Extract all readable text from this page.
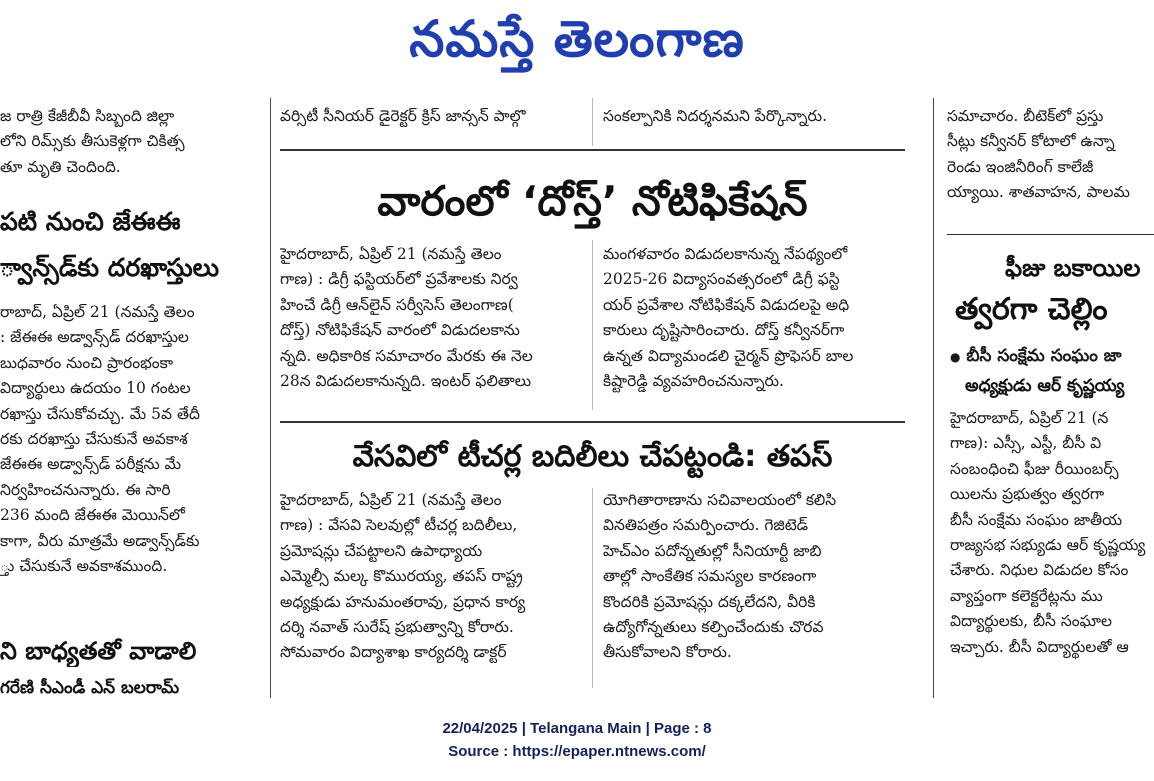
నమస్తే తెలంగాణ

జ రాత్రి కేజీబీవీ సిబ్బంది జిల్లా

లోని రిమ్స్‌కు తీసుకెళ్లగా చికిత్స

తూ మృతి చెందింది.

పటి నుంచి జేఈఈ
్వాన్స్‌డ్‌కు దరఖాస్తులు

రాబాద్, ఏప్రిల్ 21 (నమస్తే తెలం

: జేఈఈ అడ్వాన్స్‌డ్ దరఖాస్తుల

బుధవారం నుంచి ప్రారంభంకా

విద్యార్థులు ఉదయం 10 గంటల

రఖాస్తు చేసుకోవచ్చు. మే 5వ తేదీ

రకు దరఖాస్తు చేసుకునే అవకాశ

జేఈఈ అడ్వాన్స్‌డ్ పరీక్షను మే

నిర్వహించనున్నారు. ఈ సారి

236 మంది జేఈఈ మెయిన్‌లో

కాగా, వీరు మాత్రమే అడ్వాన్స్‌డ్‌కు

్తు చేసుకునే అవకాశముంది.

ని బాధ్యతతో వాడాలి
గరేణి సీఎండీ ఎన్ బలరామ్
వర్సిటీ సీనియర్ డైరెక్టర్ క్రిస్ జాన్సన్ పాల్గొ	సంకల్పానికి నిదర్శనమని పేర్కొన్నారు.
వారంలో ‘దోస్త్’ నోటిఫికేషన్

హైదరాబాద్, ఏప్రిల్ 21 (నమస్తే తెలం

గాణ) : డిగ్రీ ఫస్టియర్‌లో ప్రవేశాలకు నిర్వ

హించే డిగ్రీ ఆన్‌లైన్ సర్వీసెస్ తెలంగాణ(

దోస్త్) నోటిఫికేషన్ వారంలో విడుదలకాను

న్నది. అధికారిక సమాచారం మేరకు ఈ నెల

28న విడుదలకానున్నది. ఇంటర్ ఫలితాలు

మంగళవారం విడుదలకానున్న నేపథ్యంలో

2025-26 విద్యాసంవత్సరంలో డిగ్రీ ఫస్టి

యర్ ప్రవేశాల నోటిఫికేషన్ విడుదలపై అధి

కారులు దృష్టిసారించారు. దోస్త్ కన్వీనర్‌గా

ఉన్నత విద్యామండలి చైర్మన్ ప్రొఫెసర్ బాల

కిష్టారెడ్డి వ్యవహరించనున్నారు.

వేసవిలో టీచర్ల బదిలీలు చేపట్టండి: తపస్

హైదరాబాద్, ఏప్రిల్ 21 (నమస్తే తెలం

గాణ) : వేసవి సెలవుల్లో టీచర్ల బదిలీలు,

ప్రమోషన్లు చేపట్టాలని ఉపాధ్యాయ

ఎమ్మెల్సీ మల్క కొమురయ్య, తపస్ రాష్ట్ర

అధ్యక్షుడు హనుమంతరావు, ప్రధాన కార్య

దర్శి నవాత్ సురేష్ ప్రభుత్వాన్ని కోరారు.

సోమవారం విద్యాశాఖ కార్యదర్శి డాక్టర్

యోగితారాణాను సచివాలయంలో కలిసి

వినతిపత్రం సమర్పించారు. గెజిటెడ్

హెచ్ఎం పదోన్నతుల్లో సీనియార్టీ జాబి

తాల్లో సాంకేతిక సమస్యల కారణంగా

కొందరికి ప్రమోషన్లు దక్కలేదని, వీరికి

ఉద్యోగోన్నతులు కల్పించేందుకు చొరవ

తీసుకోవాలని కోరారు.

సమాచారం. బీటెక్‌లో ప్రస్తు

సీట్లు కన్వీనర్ కోటాలో ఉన్నా

రెండు ఇంజినీరింగ్ కాలేజీ

య్యాయి. శాతవాహన, పాలమ

ఫీజు బకాయిల
త్వరగా చెల్లిం
● బీసీ సంక్షేమ సంఘం జా
అధ్యక్షుడు ఆర్ కృష్ణయ్య

హైదరాబాద్, ఏప్రిల్ 21 (న

గాణ): ఎస్సీ, ఎస్టీ, బీసీ వి

సంబంధించి ఫీజు రీయింబర్స్

యిలను ప్రభుత్వం త్వరగా

బీసీ సంక్షేమ సంఘం జాతీయ

రాజ్యసభ సభ్యుడు ఆర్ కృష్ణయ్య

చేశారు. నిధుల విడుదల కోసం

వ్యాప్తంగా కలెక్టరేట్లను ము

విద్యార్థులకు, బీసీ సంఘాల

ఇచ్చారు. బీసీ విద్యార్థులతో ఆ

22/04/2025 | Telangana Main | Page : 8
Source : https://epaper.ntnews.com/
